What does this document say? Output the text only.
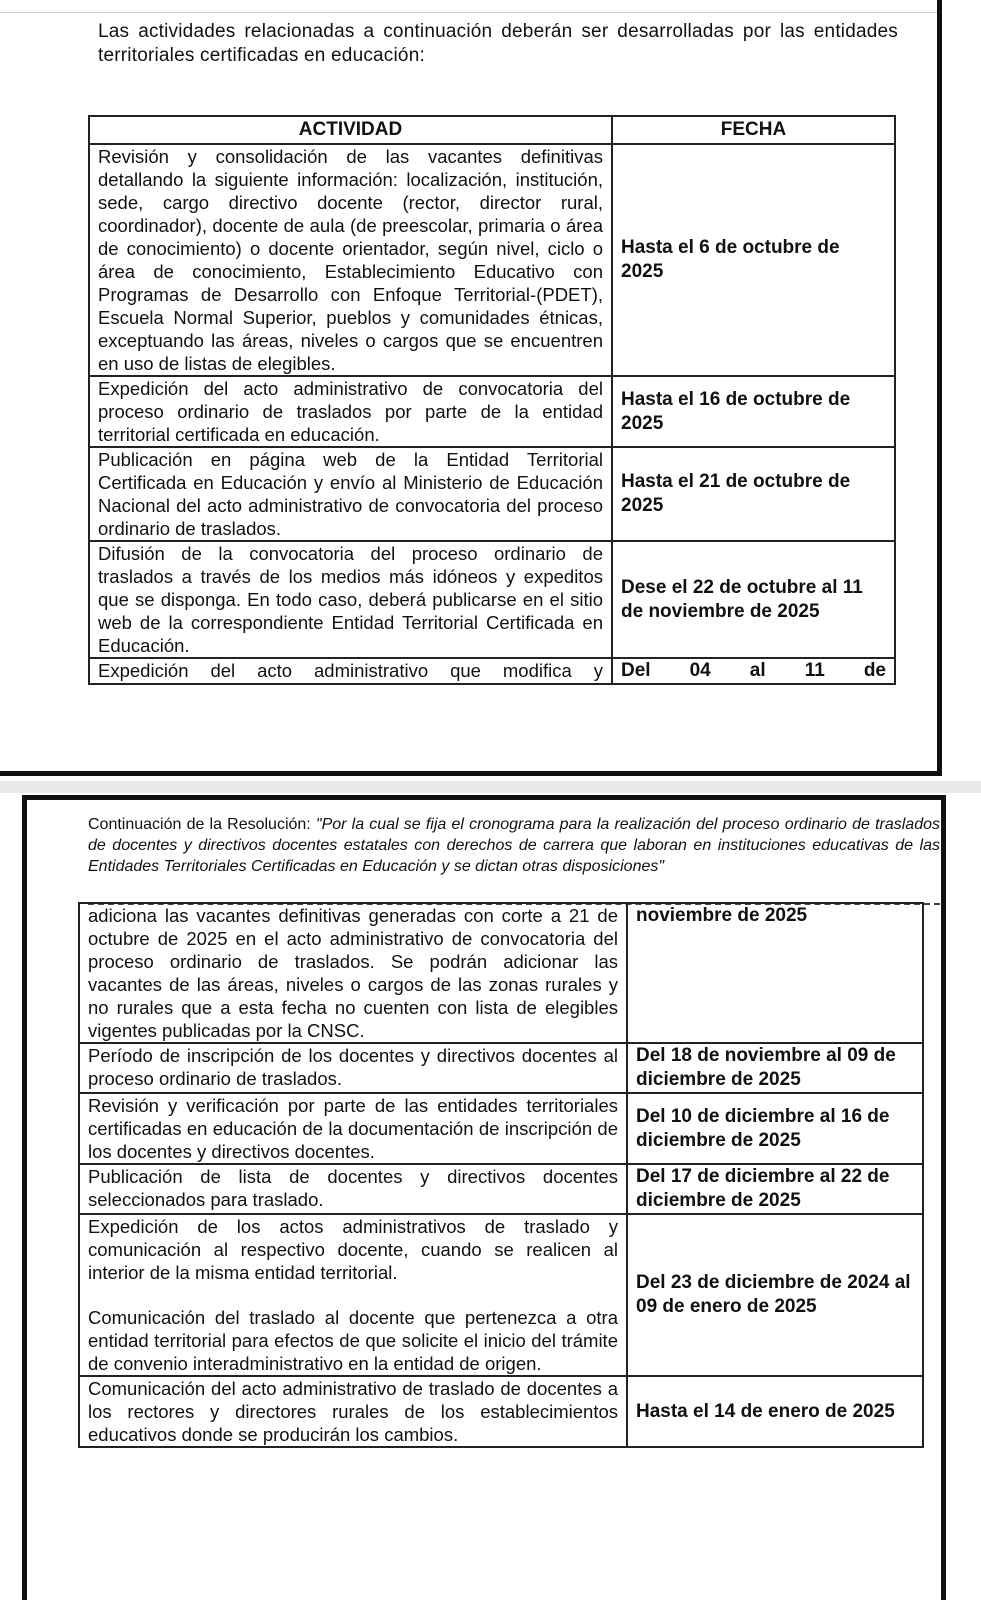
Las actividades relacionadas a continuación deberán ser desarrolladas por las entidades territoriales certificadas en educación:
ACTIVIDAD	FECHA
Revisión y consolidación de las vacantes definitivas detallando la siguiente información: localización, institución, sede, cargo directivo docente (rector, director rural, coordinador), docente de aula (de preescolar, primaria o área de conocimiento) o docente orientador, según nivel, ciclo o área de conocimiento, Establecimiento Educativo con Programas de Desarrollo con Enfoque Territorial-(PDET), Escuela Normal Superior, pueblos y comunidades étnicas, exceptuando las áreas, niveles o cargos que se encuentren en uso de listas de elegibles.	Hasta el 6 de octubre de 2025
Expedición del acto administrativo de convocatoria del proceso ordinario de traslados por parte de la entidad territorial certificada en educación.	Hasta el 16 de octubre de 2025
Publicación en página web de la Entidad Territorial Certificada en Educación y envío al Ministerio de Educación Nacional del acto administrativo de convocatoria del proceso ordinario de traslados.	Hasta el 21 de octubre de 2025
Difusión de la convocatoria del proceso ordinario de traslados a través de los medios más idóneos y expeditos que se disponga. En todo caso, deberá publicarse en el sitio web de la correspondiente Entidad Territorial Certificada en Educación.	Dese el 22 de octubre al 11 de noviembre de 2025
Expedición del acto administrativo que modifica y	Del 04 al 11 de
Continuación de la Resolución: "Por la cual se fija el cronograma para la realización del proceso ordinario de traslados de docentes y directivos docentes estatales con derechos de carrera que laboran en instituciones educativas de las Entidades Territoriales Certificadas en Educación y se dictan otras disposiciones"
adiciona las vacantes definitivas generadas con corte a 21 de octubre de 2025 en el acto administrativo de convocatoria del proceso ordinario de traslados. Se podrán adicionar las vacantes de las áreas, niveles o cargos de las zonas rurales y no rurales que a esta fecha no cuenten con lista de elegibles vigentes publicadas por la CNSC.	noviembre de 2025
Período de inscripción de los docentes y directivos docentes al proceso ordinario de traslados.	Del 18 de noviembre al 09 de diciembre de 2025
Revisión y verificación por parte de las entidades territoriales certificadas en educación de la documentación de inscripción de los docentes y directivos docentes.	Del 10 de diciembre al 16 de diciembre de 2025
Publicación de lista de docentes y directivos docentes seleccionados para traslado.	Del 17 de diciembre al 22 de diciembre de 2025

Expedición de los actos administrativos de traslado y comunicación al respectivo docente, cuando se realicen al interior de la misma entidad territorial.
Comunicación del traslado al docente que pertenezca a otra entidad territorial para efectos de que solicite el inicio del trámite de convenio interadministrativo en la entidad de origen.	Del 23 de diciembre de 2024 al 09 de enero de 2025
Comunicación del acto administrativo de traslado de docentes a los rectores y directores rurales de los establecimientos educativos donde se producirán los cambios.	Hasta el 14 de enero de 2025
